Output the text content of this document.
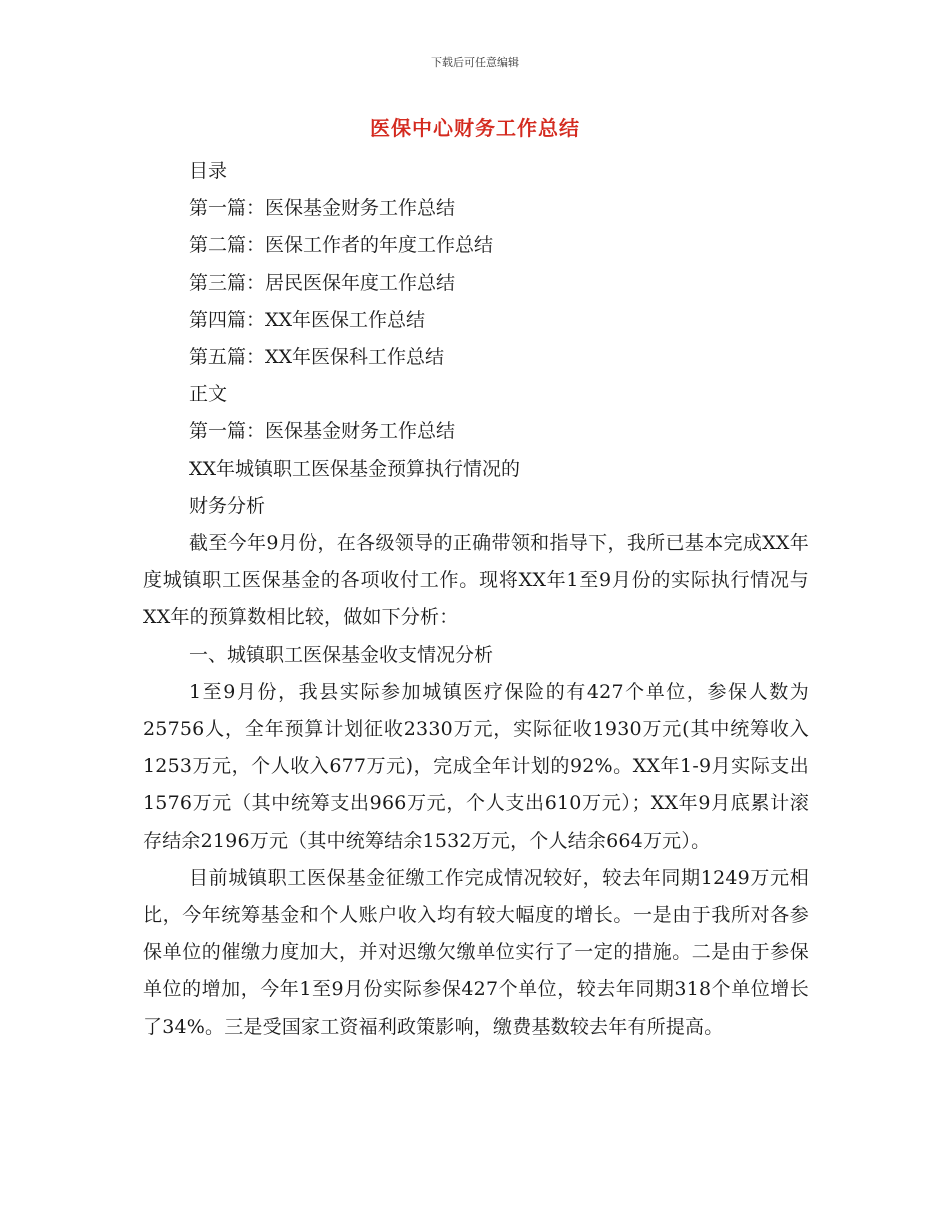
下载后可任意编辑
医保中心财务工作总结
目录
第一篇：医保基金财务工作总结
第二篇：医保工作者的年度工作总结
第三篇：居民医保年度工作总结
第四篇：XX年医保工作总结
第五篇：XX年医保科工作总结
正文
第一篇：医保基金财务工作总结
XX年城镇职工医保基金预算执行情况的
财务分析
截至今年9月份，在各级领导的正确带领和指导下，我所已基本完成XX年度城镇职工医保基金的各项收付工作。现将XX年1至9月份的实际执行情况与XX年的预算数相比较，做如下分析：
一、城镇职工医保基金收支情况分析
1至9月份，我县实际参加城镇医疗保险的有427个单位，参保人数为25756人，全年预算计划征收2330万元，实际征收1930万元(其中统筹收入1253万元，个人收入677万元)，完成全年计划的92%。XX年1-9月实际支出1576万元（其中统筹支出966万元，个人支出610万元）；XX年9月底累计滚存结余2196万元（其中统筹结余1532万元，个人结余664万元）。
目前城镇职工医保基金征缴工作完成情况较好，较去年同期1249万元相比，今年统筹基金和个人账户收入均有较大幅度的增长。一是由于我所对各参保单位的催缴力度加大，并对迟缴欠缴单位实行了一定的措施。二是由于参保单位的增加，今年1至9月份实际参保427个单位，较去年同期318个单位增长了34%。三是受国家工资福利政策影响，缴费基数较去年有所提高。
